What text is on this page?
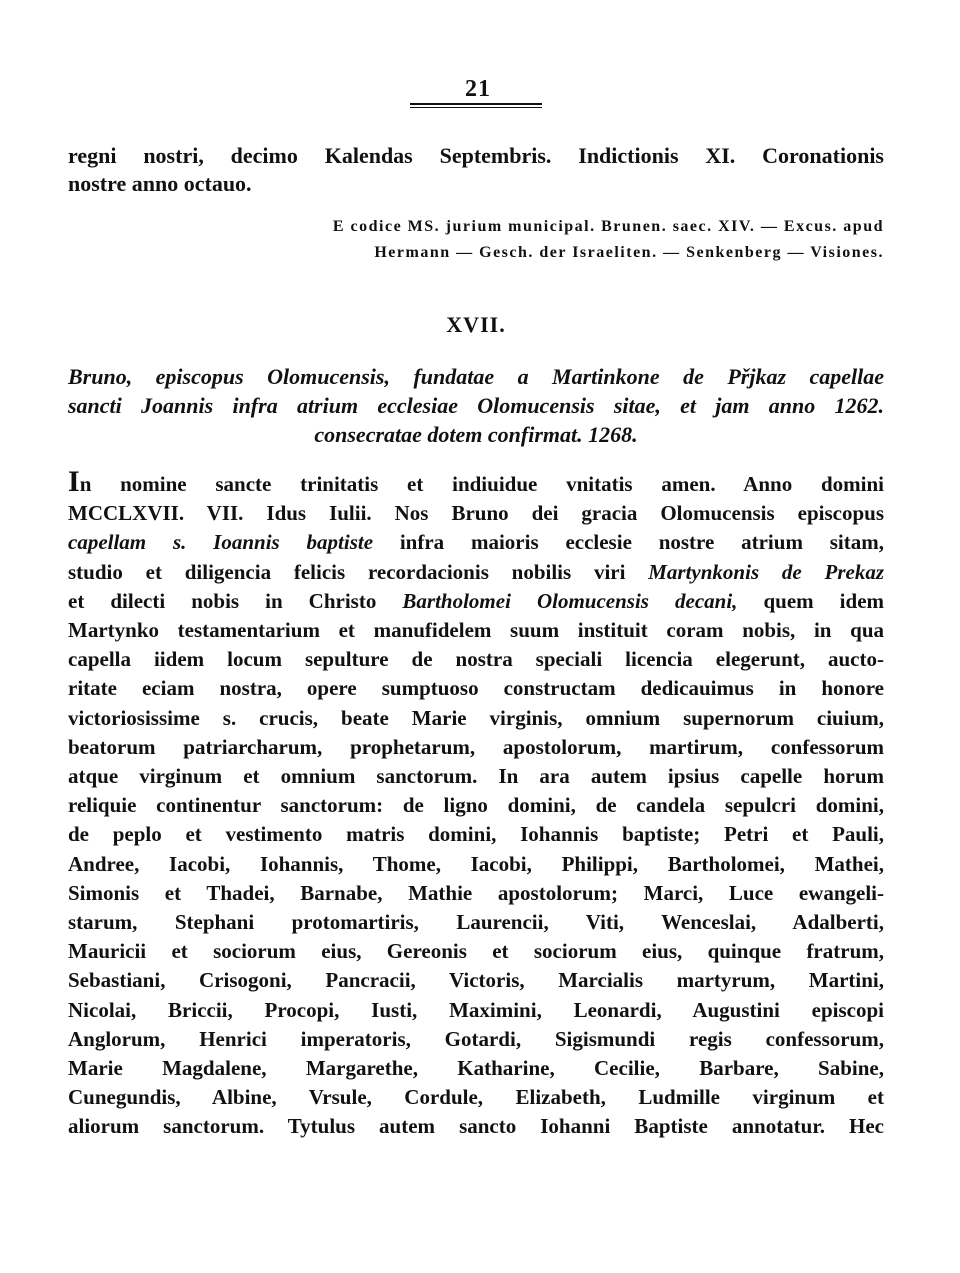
21
regni nostri, decimo Kalendas Septembris. Indictionis XI. Coronationis
nostre anno octauo.
E codice MS. jurium municipal. Brunen. saec. XIV. — Excus. apud
Hermann — Gesch. der Israeliten. — Senkenberg — Visiones.
XVII.
Bruno, episcopus Olomucensis, fundatae a Martinkone de Přjkaz capellae
sancti Joannis infra atrium ecclesiae Olomucensis sitae, et jam anno 1262.
consecratae dotem confirmat. 1268.
In nomine sancte trinitatis et indiuidue vnitatis amen. Anno domini
MCCLXVII. VII. Idus Iulii. Nos Bruno dei gracia Olomucensis episcopus
capellam s. Ioannis baptiste infra maioris ecclesie nostre atrium sitam,
studio et diligencia felicis recordacionis nobilis viri Martynkonis de Prekaz
et dilecti nobis in Christo Bartholomei Olomucensis decani, quem idem
Martynko testamentarium et manufidelem suum instituit coram nobis, in qua
capella iidem locum sepulture de nostra speciali licencia elegerunt, aucto-
ritate eciam nostra, opere sumptuoso constructam dedicauimus in honore
victoriosissime s. crucis, beate Marie virginis, omnium supernorum ciuium,
beatorum patriarcharum, prophetarum, apostolorum, martirum, confessorum
atque virginum et omnium sanctorum. In ara autem ipsius capelle horum
reliquie continentur sanctorum: de ligno domini, de candela sepulcri domini,
de peplo et vestimento matris domini, Iohannis baptiste; Petri et Pauli,
Andree, Iacobi, Iohannis, Thome, Iacobi, Philippi, Bartholomei, Mathei,
Simonis et Thadei, Barnabe, Mathie apostolorum; Marci, Luce ewangeli-
starum, Stephani protomartiris, Laurencii, Viti, Wenceslai, Adalberti,
Mauricii et sociorum eius, Gereonis et sociorum eius, quinque fratrum,
Sebastiani, Crisogoni, Pancracii, Victoris, Marcialis martyrum, Martini,
Nicolai, Briccii, Procopi, Iusti, Maximini, Leonardi, Augustini episcopi
Anglorum, Henrici imperatoris, Gotardi, Sigismundi regis confessorum,
Marie Magdalene, Margarethe, Katharine, Cecilie, Barbare, Sabine,
Cunegundis, Albine, Vrsule, Cordule, Elizabeth, Ludmille virginum et
aliorum sanctorum. Tytulus autem sancto Iohanni Baptiste annotatur. Hec
